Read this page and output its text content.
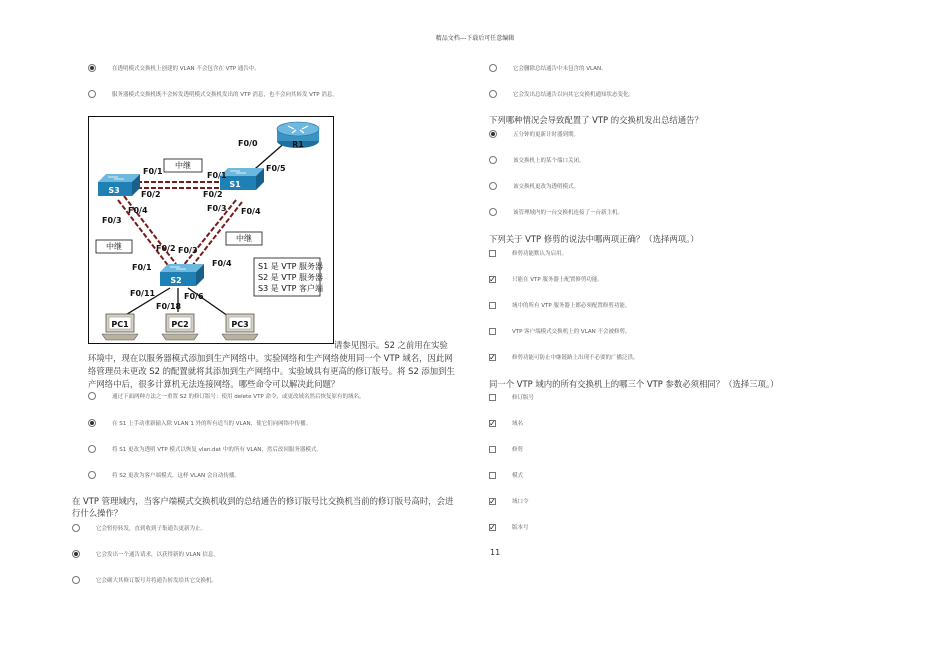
精品文档---下载后可任意编辑
在透明模式交换机上创建的 VLAN 不会包含在 VTP 通告中。
服务器模式交换机既不会转发透明模式交换机发出的 VTP 消息，也不会向其转发 VTP 消息。
R1
S1
S3
S2
PC1	PC2	PC3
中继
中继
中继
F0/0
F0/5
F0/1
F0/2
F0/3 F0/4
F0/1
F0/2
F0/4
F0/3
F0/2 F0/3
F0/1	F0/4
F0/11
F0/18
F0/6
S1 是 VTP 服务器
S2 是 VTP 服务器
S3 是 VTP 客户端
请参见图示。S2 之前用在实验环境中，现在以服务器模式添加到生产网络中。实验网络和生产网络使用同一个 VTP 域名，因此网络管理员未更改 S2 的配置就将其添加到生产网络中。实验域具有更高的修订版号。将 S2 添加到生产网络中后，很多计算机无法连接网络。哪些命令可以解决此问题？
通过下面两种方法之一重置 S2 的修订版号：使用 delete VTP 命令，或更改域名然后恢复原有的域名。
在 S1 上手动重新输入除 VLAN 1 外的所有适当的 VLAN，使它们向网络中传播。
将 S1 更改为透明 VTP 模式以恢复 vlan.dat 中的所有 VLAN，然后改回服务器模式。
将 S2 更改为客户端模式，这样 VLAN 会自动传播。
在 VTP 管理域内，当客户端模式交换机收到的总结通告的修订版号比交换机当前的修订版号高时，会进行什么操作？
它会暂停转发，直到收到子集通告更新为止。
它会发出一个通告请求，以获得新的 VLAN 信息。
它会确大其修订版号并将通告转发给其它交换机。
它会删除总结通告中未包含的 VLAN。
它会发出总结通告以向其它交换机通知状态变化。
下列哪种情况会导致配置了 VTP 的交换机发出总结通告？
五分钟的更新计时器到期。
该交换机上的某个端口关闭。
该交换机更改为透明模式。
该管理域内的一台交换机连接了一台新主机。
下列关于 VTP 修剪的说法中哪两项正确？（选择两项。）
修剪功能默认为启用。
✓	只能在 VTP 服务器上配置修剪功能。
域中的所有 VTP 服务器上都必须配置修剪功能。
VTP 客户端模式交换机上的 VLAN 不会被修剪。
✓	修剪功能可防止中继链路上出现不必要的广播泛洪。
同一个 VTP 域内的所有交换机上的哪三个 VTP 参数必须相同？（选择三项。）
修订版号
✓	域名
修剪
模式
✓	域口令
✓	版本号
11
